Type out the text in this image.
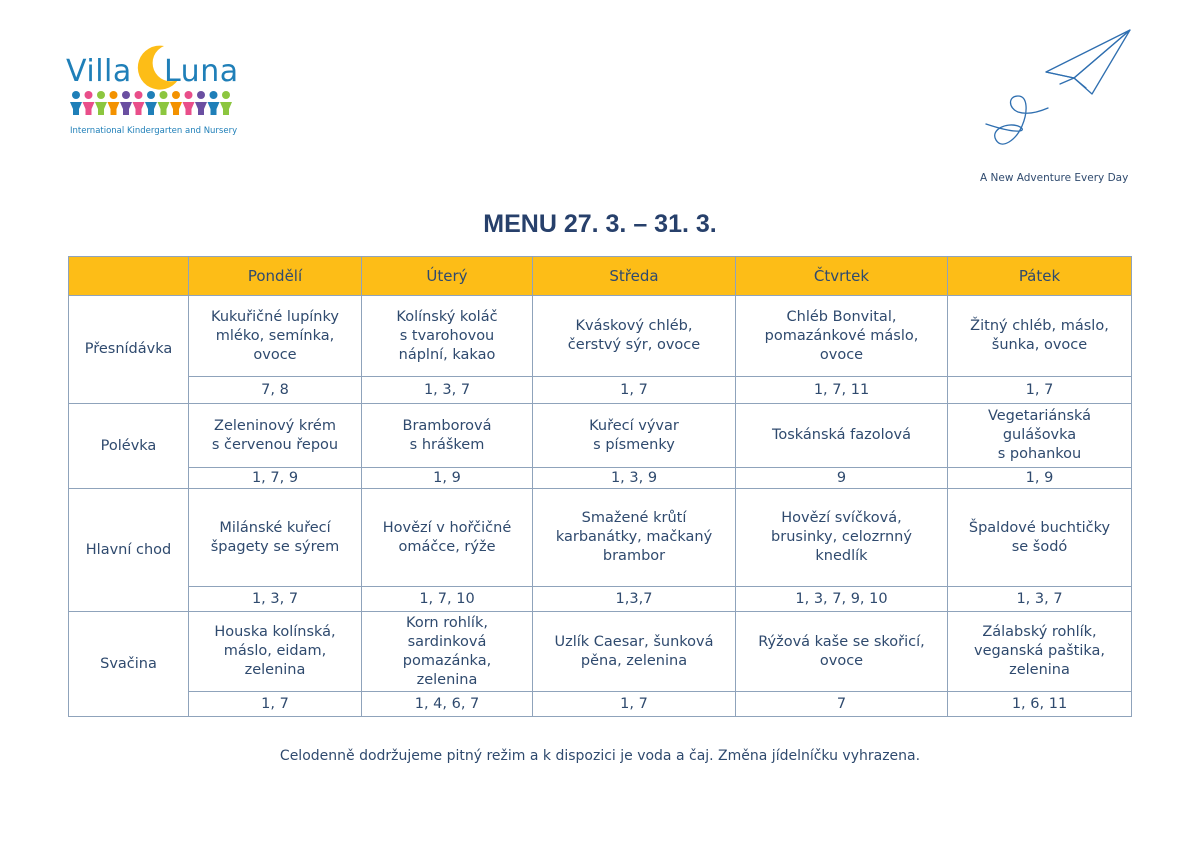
Villa Luna
International Kindergarten and Nursery
A New Adventure Every Day
MENU 27. 3. – 31. 3.
	Pondělí	Úterý	Středa	Čtvrtek	Pátek
Přesnídávka	Kukuřičné lupínky
mléko, semínka,
ovoce	Kolínský koláč
s tvarohovou
náplní, kakao	Kváskový chléb,
čerstvý sýr, ovoce	Chléb Bonvital,
pomazánkové máslo,
ovoce	Žitný chléb, máslo,
šunka, ovoce
	7, 8	1, 3, 7	1, 7	1, 7, 11	1, 7
Polévka	Zeleninový krém
s červenou řepou	Bramborová
s hráškem	Kuřecí vývar
s písmenky	Toskánská fazolová	Vegetariánská
gulášovka
s pohankou
	1, 7, 9	1, 9	1, 3, 9	9	1, 9
Hlavní chod	Milánské kuřecí
špagety se sýrem	Hovězí v hořčičné
omáčce, rýže	Smažené krůtí
karbanátky, mačkaný
brambor	Hovězí svíčková,
brusinky, celozrnný
knedlík	Špaldové buchtičky
se šodó
	1, 3, 7	1, 7, 10	1,3,7	1, 3, 7, 9, 10	1, 3, 7
Svačina	Houska kolínská,
máslo, eidam,
zelenina	Korn rohlík,
sardinková
pomazánka,
zelenina	Uzlík Caesar, šunková
pěna, zelenina	Rýžová kaše se skořicí,
ovoce	Zálabský rohlík,
veganská paštika,
zelenina
	1, 7	1, 4, 6, 7	1, 7	7	1, 6, 11
Celodenně dodržujeme pitný režim a k dispozici je voda a čaj. Změna jídelníčku vyhrazena.
